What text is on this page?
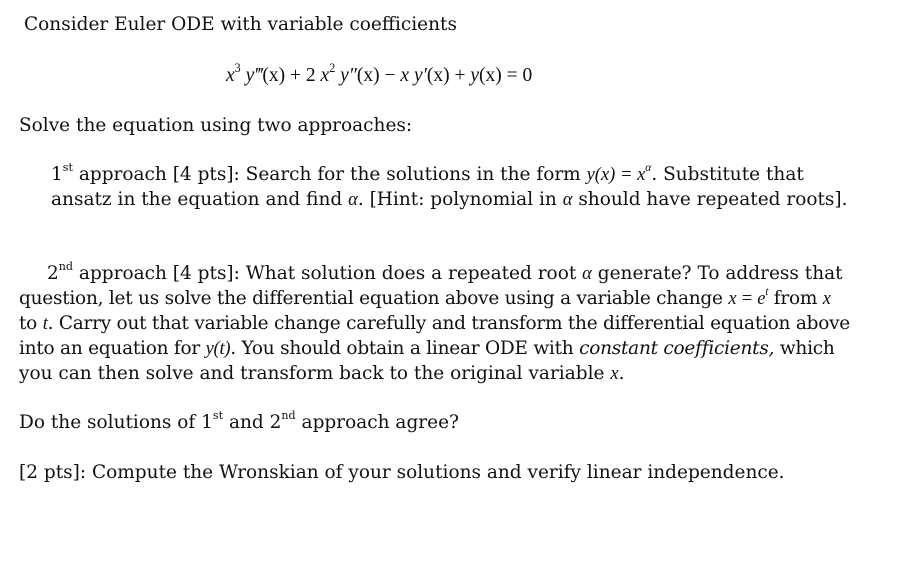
Consider Euler ODE with variable coefficients
$x^3$ y‴(x) + 2 $x^2$ y″(x) − x y′(x) + y(x) = 0
Solve the equation using two approaches:
1st approach [4 pts]: Search for the solutions in the form $y(x) = x^\alpha$. Substitute that
ansatz in the equation and find α. [Hint: polynomial in α should have repeated roots].
2nd approach [4 pts]: What solution does a repeated root α generate? To address that
question, let us solve the differential equation above using a variable change $x = e^t$ from x
to t. Carry out that variable change carefully and transform the differential equation above
into an equation for y(t). You should obtain a linear ODE with constant coefficients, which
you can then solve and transform back to the original variable x.
Do the solutions of 1st and 2nd approach agree?
[2 pts]: Compute the Wronskian of your solutions and verify linear independence.
